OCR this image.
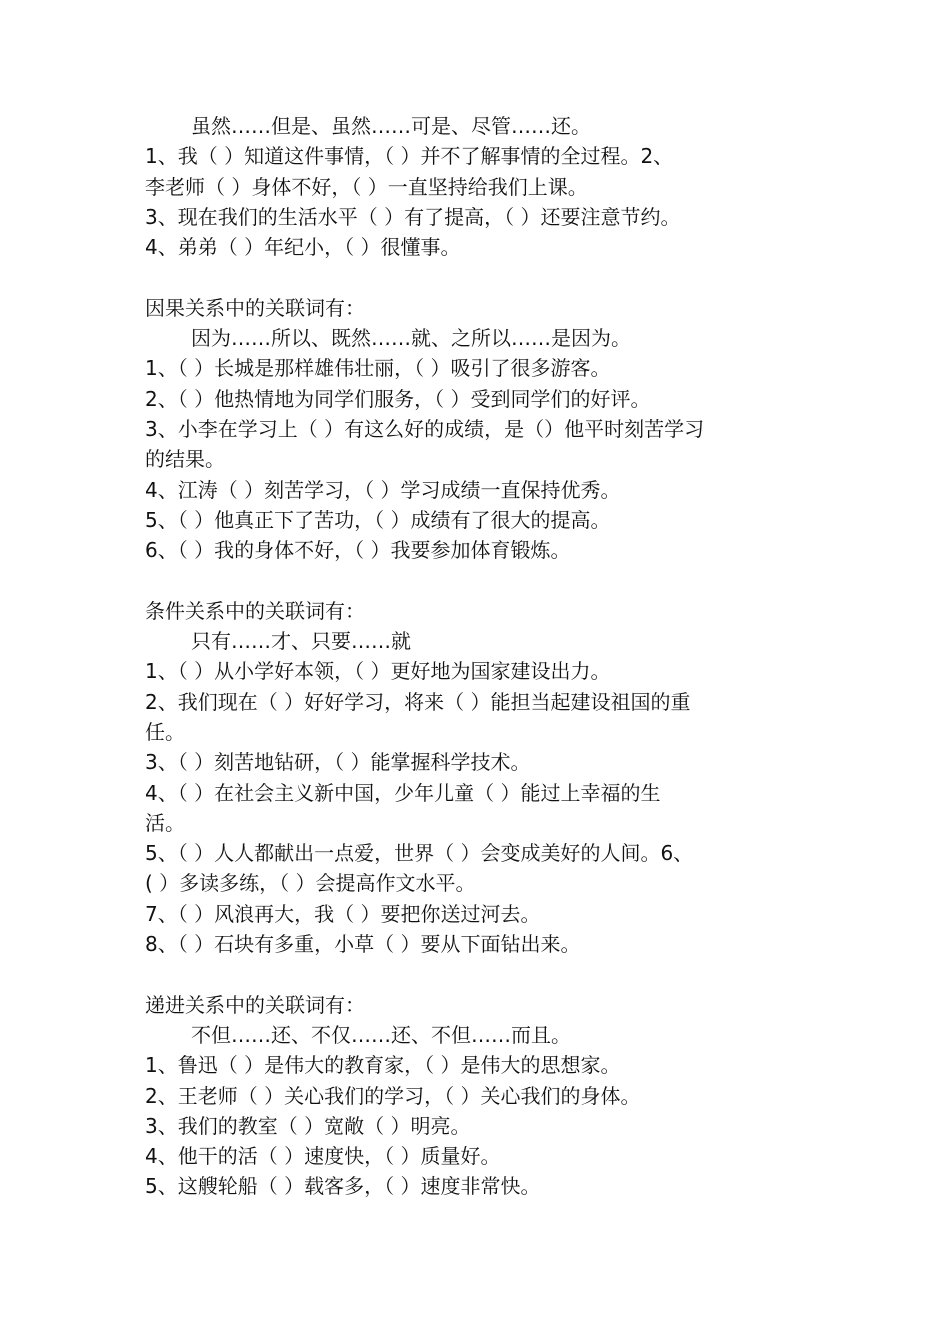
虽然……但是、虽然……可是、尽管……还。
1、我（ ）知道这件事情，（ ）并不了解事情的全过程。2、
李老师（ ）身体不好，（ ）一直坚持给我们上课。
3、现在我们的生活水平（ ）有了提高，（ ）还要注意节约。
4、弟弟（ ）年纪小，（ ）很懂事。
因果关系中的关联词有：
因为……所以、既然……就、之所以……是因为。
1、（ ）长城是那样雄伟壮丽，（ ）吸引了很多游客。
2、（ ）他热情地为同学们服务，（ ）受到同学们的好评。
3、小李在学习上（ ）有这么好的成绩，是（）他平时刻苦学习
的结果。
4、江涛（ ）刻苦学习，（ ）学习成绩一直保持优秀。
5、（ ）他真正下了苦功，（ ）成绩有了很大的提高。
6、（ ）我的身体不好，（ ）我要参加体育锻炼。
条件关系中的关联词有：
只有……才、只要……就
1、（ ）从小学好本领，（ ）更好地为国家建设出力。
2、我们现在（ ）好好学习，将来（ ）能担当起建设祖国的重
任。
3、（ ）刻苦地钻研，（ ）能掌握科学技术。
4、（ ）在社会主义新中国，少年儿童（ ）能过上幸福的生
活。
5、（ ）人人都献出一点爱，世界（ ）会变成美好的人间。6、
( ）多读多练，（ ）会提高作文水平。
7、（ ）风浪再大，我（ ）要把你送过河去。
8、（ ）石块有多重，小草（ ）要从下面钻出来。
递进关系中的关联词有：
不但……还、不仅……还、不但……而且。
1、鲁迅（ ）是伟大的教育家，（ ）是伟大的思想家。
2、王老师（ ）关心我们的学习，（ ）关心我们的身体。
3、我们的教室（ ）宽敞（ ）明亮。
4、他干的活（ ）速度快，（ ）质量好。
5、这艘轮船（ ）载客多，（ ）速度非常快。
